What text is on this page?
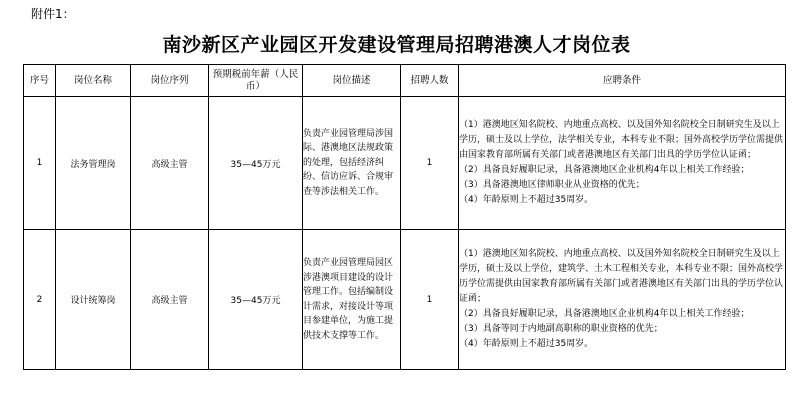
附件1：
南沙新区产业园区开发建设管理局招聘港澳人才岗位表
序号	岗位名称	岗位序列	预期税前年薪（人民币）	岗位描述	招聘人数	应聘条件
1	法务管理岗	高级主管	35—45万元	负责产业园管理局涉国际、港澳地区法规政策的处理，包括经济纠纷、信访应诉、合规审查等涉法相关工作。	1	（1）港澳地区知名院校、内地重点高校、以及国外知名院校全日制研究生及以上学历，硕士及以上学位，法学相关专业，本科专业不限；国外高校学历学位需提供由国家教育部所属有关部门或者港澳地区有关部门出具的学历学位认证函；
（2）具备良好履职记录，具备港澳地区企业机构4年以上相关工作经验；
（3）具备港澳地区律师职业从业资格的优先；
（4）年龄原则上不超过35周岁。

2	设计统筹岗	高级主管	35—45万元	负责产业园管理局园区涉港澳项目建设的设计管理工作。包括编制设计需求，对接设计等项目参建单位，为施工提供技术支撑等工作。	1	（1）港澳地区知名院校、内地重点高校、以及国外知名院校全日制研究生及以上学历，硕士及以上学位，建筑学、土木工程相关专业，本科专业不限；国外高校学历学位需提供由国家教育部所属有关部门或者港澳地区有关部门出具的学历学位认证函；
（2）具备良好履职记录，具备港澳地区企业机构4年以上相关工作经验；
（3）具备等同于内地副高职称的职业资格的优先；
（4）年龄原则上不超过35周岁。
